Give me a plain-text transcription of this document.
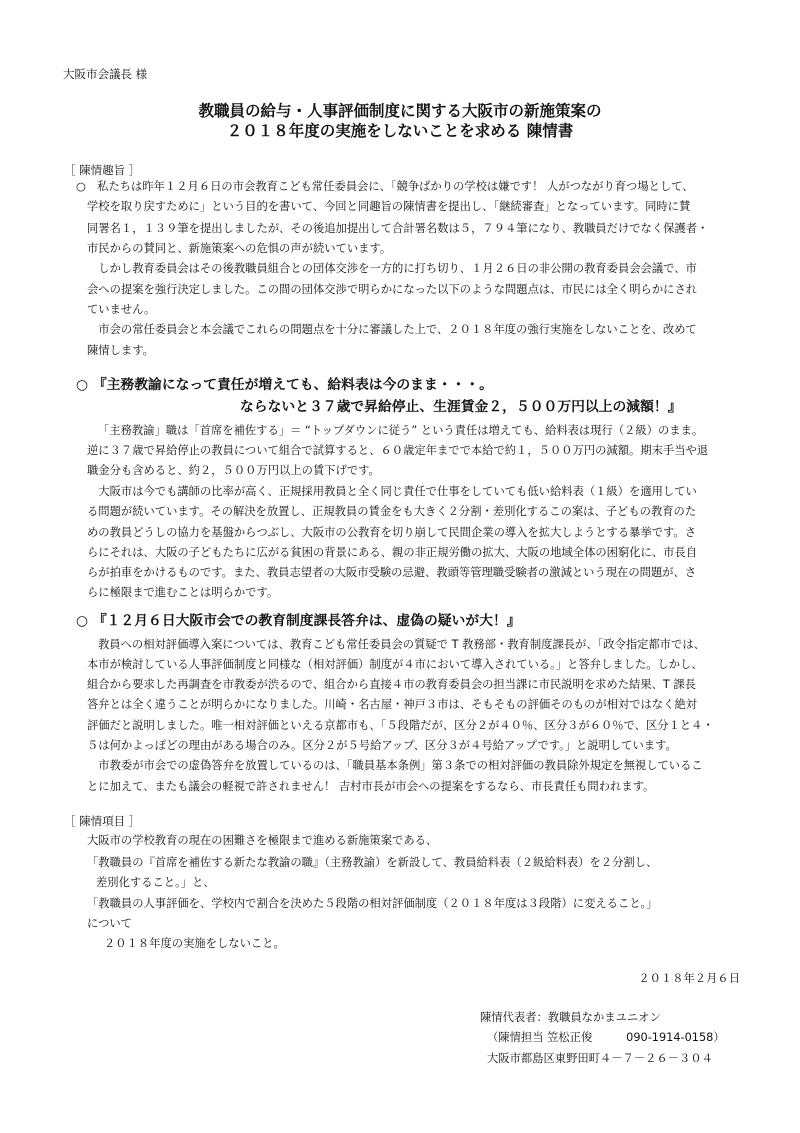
大阪市会議長 様
教職員の給与・人事評価制度に関する大阪市の新施策案の
２０１８年度の実施をしないことを求める 陳情書
［ 陳情趣旨 ］
○　私たちは昨年１２月６日の市会教育こども常任委員会に、「競争ばかりの学校は嫌です！ 人がつながり育つ場として、
学校を取り戻すために」という目的を書いて、今回と同趣旨の陳情書を提出し、「継続審査」となっています。同時に賛
同署名１，１３９筆を提出しましたが、その後追加提出して合計署名数は５，７９４筆になり、教職員だけでなく保護者・
市民からの賛同と、新施策案への危惧の声が続いています。
　しかし教育委員会はその後教職員組合との団体交渉を一方的に打ち切り、１月２６日の非公開の教育委員会会議で、市
会への提案を強行決定しました。この間の団体交渉で明らかになった以下のような問題点は、市民には全く明らかにされ
ていません。
　市会の常任委員会と本会議でこれらの問題点を十分に審議した上で、２０１８年度の強行実施をしないことを、改めて
陳情します。
○ 『主務教諭になって責任が増えても、給料表は今のまま・・・。
ならないと３７歳で昇給停止、生涯賃金２，５００万円以上の減額！』
「主務教諭」職は「首席を補佐する」＝ “トップダウンに従う” という責任は増えても、給料表は現行（２級）のまま。
逆に３７歳で昇給停止の教員について組合で試算すると、６０歳定年までで本給で約１，５００万円の減額。期末手当や退
職金分も含めると、約２，５００万円以上の賃下げです。
　大阪市は今でも講師の比率が高く、正規採用教員と全く同じ責任で仕事をしていても低い給料表（１級）を適用してい
る問題が続いています。その解決を放置し、正規教員の賃金をも大きく２分割・差別化するこの案は、子どもの教育のた
めの教員どうしの協力を基盤からつぶし、大阪市の公教育を切り崩して民間企業の導入を拡大しようとする暴挙です。さ
らにそれは、大阪の子どもたちに広がる貧困の背景にある、親の非正規労働の拡大、大阪の地域全体の困窮化に、市長自
らが拍車をかけるものです。また、教員志望者の大阪市受験の忌避、教頭等管理職受験者の激減という現在の問題が、さ
らに極限まで進むことは明らかです。
○ 『１２月６日大阪市会での教育制度課長答弁は、虚偽の疑いが大！』
教員への相対評価導入案については、教育こども常任委員会の質疑で T 教務部・教育制度課長が、「政令指定都市では、
本市が検討している人事評価制度と同様な（相対評価）制度が４市において導入されている。」と答弁しました。しかし、
組合から要求した再調査を市教委が渋るので、組合から直接４市の教育委員会の担当課に市民説明を求めた結果、T 課長
答弁とは全く違うことが明らかになりました。川崎・名古屋・神戸３市は、そもそもの評価そのものが相対ではなく絶対
評価だと説明しました。唯一相対評価といえる京都市も、「５段階だが、区分２が４０％、区分３が６０％で、区分１と４・
５は何かよっぽどの理由がある場合のみ。区分２が５号給アップ、区分３が４号給アップです。」と説明しています。
　市教委が市会での虚偽答弁を放置しているのは、「職員基本条例」第３条での相対評価の教員除外規定を無視しているこ
とに加えて、またも議会の軽視で許されません！ 吉村市長が市会への提案をするなら、市長責任も問われます。
［ 陳情項目 ］
大阪市の学校教育の現在の困難さを極限まで進める新施策案である、
「教職員の『首席を補佐する新たな教諭の職』（主務教諭）を新設して、教員給料表（２級給料表）を２分割し、
差別化すること。」と、
「教職員の人事評価を、学校内で割合を決めた５段階の相対評価制度（２０１８年度は３段階）に変えること。」
について
２０１８年度の実施をしないこと。
２０１８年２月６日
陳情代表者：教職員なかまユニオン
（陳情担当 笠松正俊　　　090-1914-0158）
大阪市都島区東野田町４－７－２６－３０４
